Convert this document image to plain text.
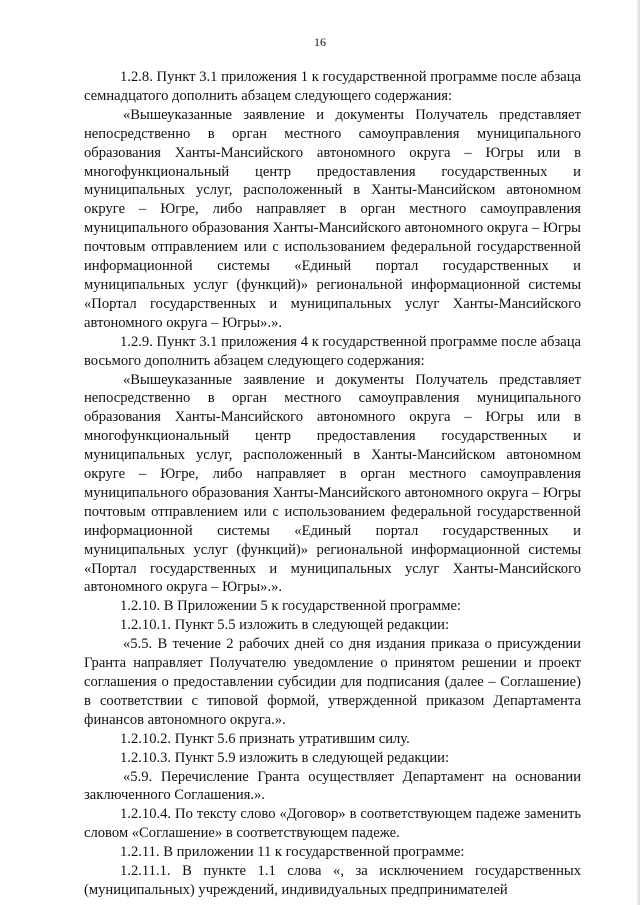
16

1.2.8. Пункт 3.1 приложения 1 к государственной программе после абзаца семнадцатого дополнить абзацем следующего содержания:

«Вышеуказанные заявление и документы Получатель представляет непосредственно в орган местного самоуправления муниципального образования Ханты-Мансийского автономного округа – Югры или в многофункциональный центр предоставления государственных и муниципальных услуг, расположенный в Ханты-Мансийском автономном округе – Югре, либо направляет в орган местного самоуправления муниципального образования Ханты-Мансийского автономного округа – Югры почтовым отправлением или с использованием федеральной государственной информационной системы «Единый портал государственных и муниципальных услуг (функций)» региональной информационной системы «Портал государственных и муниципальных услуг Ханты-Мансийского автономного округа – Югры».».

1.2.9. Пункт 3.1 приложения 4 к государственной программе после абзаца восьмого дополнить абзацем следующего содержания:

«Вышеуказанные заявление и документы Получатель представляет непосредственно в орган местного самоуправления муниципального образования Ханты-Мансийского автономного округа – Югры или в многофункциональный центр предоставления государственных и муниципальных услуг, расположенный в Ханты-Мансийском автономном округе – Югре, либо направляет в орган местного самоуправления муниципального образования Ханты-Мансийского автономного округа – Югры почтовым отправлением или с использованием федеральной государственной информационной системы «Единый портал государственных и муниципальных услуг (функций)» региональной информационной системы «Портал государственных и муниципальных услуг Ханты-Мансийского автономного округа – Югры».».

1.2.10. В Приложении 5 к государственной программе:

1.2.10.1. Пункт 5.5 изложить в следующей редакции:

«5.5. В течение 2 рабочих дней со дня издания приказа о присуждении Гранта направляет Получателю уведомление о принятом решении и проект соглашения о предоставлении субсидии для подписания (далее – Соглашение) в соответствии с типовой формой, утвержденной приказом Департамента финансов автономного округа.».

1.2.10.2. Пункт 5.6 признать утратившим силу.

1.2.10.3. Пункт 5.9 изложить в следующей редакции:

«5.9. Перечисление Гранта осуществляет Департамент на основании заключенного Соглашения.».

1.2.10.4. По тексту слово «Договор» в соответствующем падеже заменить словом «Соглашение» в соответствующем падеже.

1.2.11. В приложении 11 к государственной программе:

1.2.11.1. В пункте 1.1 слова «, за исключением государственных (муниципальных) учреждений, индивидуальных предпринимателей
